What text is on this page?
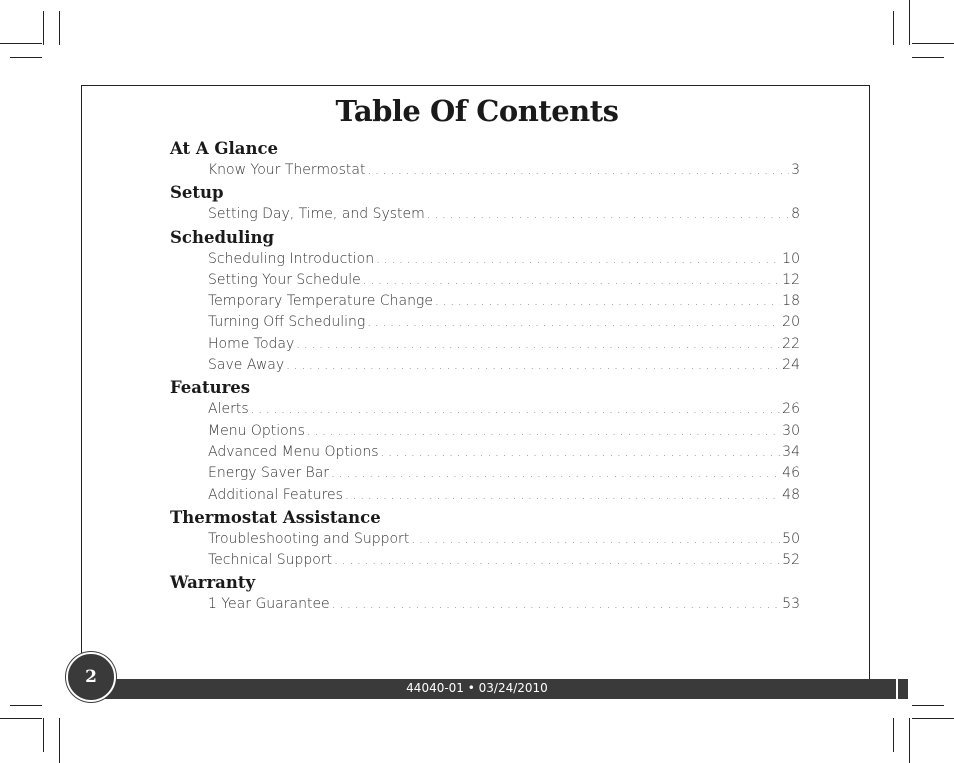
Table Of Contents
At A Glance
Know Your Thermostat . . .	3
Setup
Setting Day, Time, and System . . .	8
Scheduling
Scheduling Introduction . . .	10
Setting Your Schedule . . .	12
Temporary Temperature Change . . .	18
Turning Off Scheduling . . .	20
Home Today . . .	22
Save Away . . .	24
Features
Alerts . . .	26
Menu Options . . .	30
Advanced Menu Options . . .	34
Energy Saver Bar . . .	46
Additional Features . . .	48
Thermostat Assistance
Troubleshooting and Support . . .	50
Technical Support . . .	52
Warranty
1 Year Guarantee . . .	53
44040-01 • 03/24/2010
2
